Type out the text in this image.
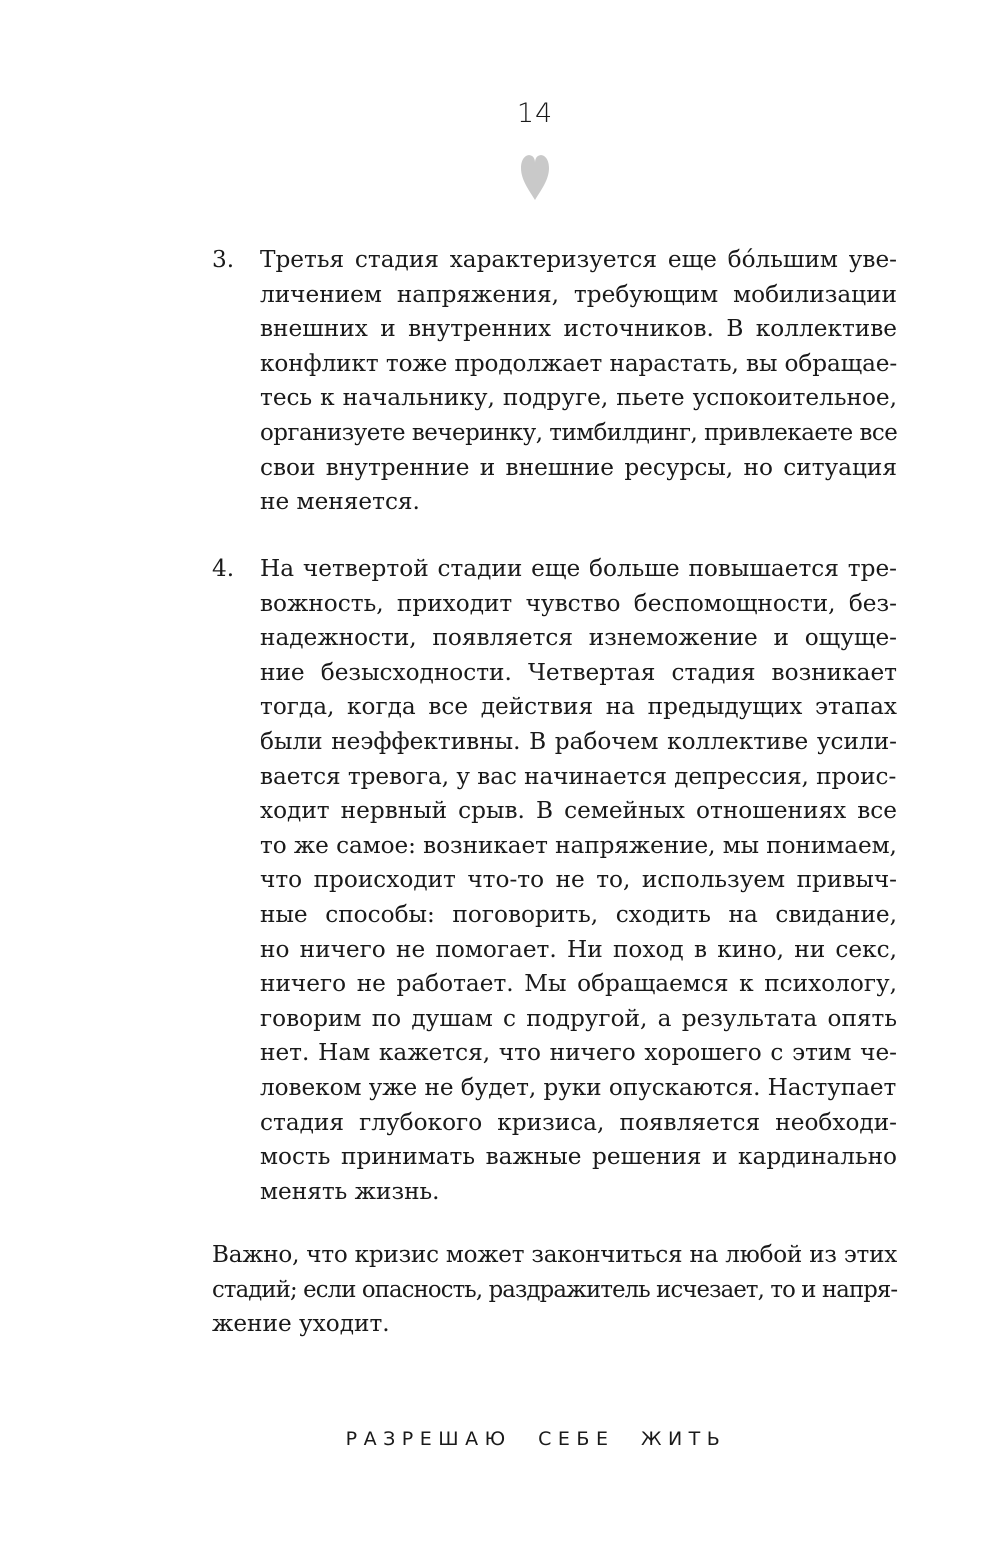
14
3.	Третья стадия характеризуется еще бо́льшим уве-
личением напряжения, требующим мобилизации
внешних и внутренних источников. В коллективе
конфликт тоже продолжает нарастать, вы обращае-
тесь к начальнику, подруге, пьете успокоительное,
организуете вечеринку, тимбилдинг, привлекаете все
свои внутренние и внешние ресурсы, но ситуация
не меняется.
4.	На четвертой стадии еще больше повышается тре-
вожность, приходит чувство беспомощности, без-
надежности, появляется изнеможение и ощуще-
ние безысходности. Четвертая стадия возникает
тогда, когда все действия на предыдущих этапах
были неэффективны. В рабочем коллективе усили-
вается тревога, у вас начинается депрессия, проис-
ходит нервный срыв. В семейных отношениях все
то же самое: возникает напряжение, мы понимаем,
что происходит что-то не то, используем привыч-
ные способы: поговорить, сходить на свидание,
но ничего не помогает. Ни поход в кино, ни секс,
ничего не работает. Мы обращаемся к психологу,
говорим по душам с подругой, а результата опять
нет. Нам кажется, что ничего хорошего с этим че-
ловеком уже не будет, руки опускаются. Наступает
стадия глубокого кризиса, появляется необходи-
мость принимать важные решения и кардинально
менять жизнь.
Важно, что кризис может закончиться на любой из этих
стадий; если опасность, раздражитель исчезает, то и напря-
жение уходит.
РАЗРЕШАЮ СЕБЕ ЖИТЬ
